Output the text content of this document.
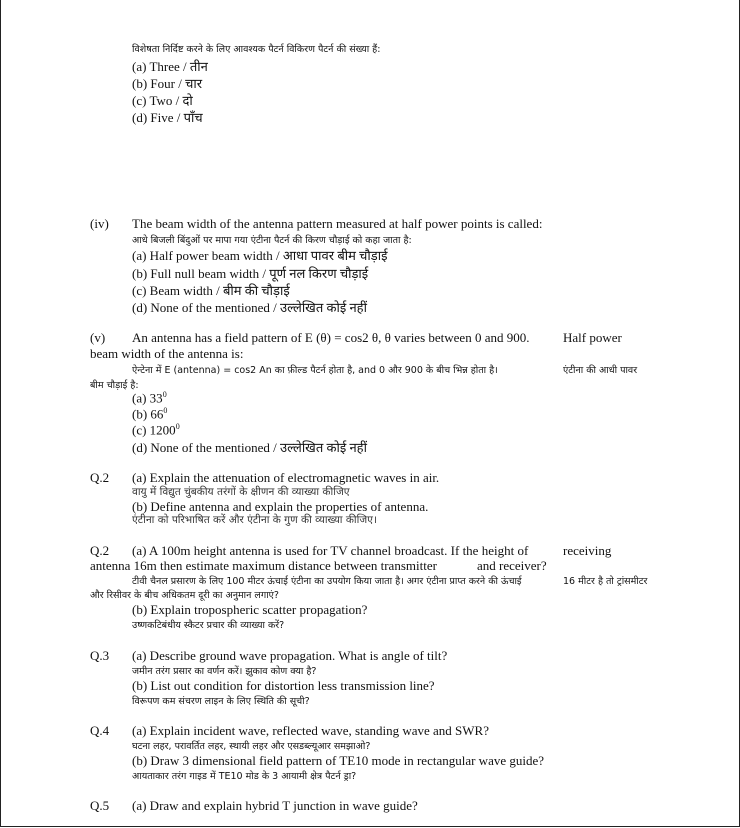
विशेषता निर्दिष्ट करने के लिए आवश्यक पैटर्न विकिरण पैटर्न की संख्या हैं:
(a) Three / तीन
(b) Four / चार
(c) Two / दो
(d) Five / पाँच
(iv) The beam width of the antenna pattern measured at half power points is called:
आधे बिजली बिंदुओं पर मापा गया एंटीना पैटर्न की किरण चौड़ाई को कहा जाता है:
(a) Half power beam width / आधा पावर बीम चौड़ाई
(b) Full null beam width / पूर्ण नल किरण चौड़ाई
(c) Beam width / बीम की चौड़ाई
(d) None of the mentioned / उल्लेखित कोई नहीं
(v) An antenna has a field pattern of E (θ) = cos2 θ, θ varies between 0 and 900.	Half power
beam width of the antenna is:
ऐन्टेना में E (antenna) = cos2 An का फ़ील्ड पैटर्न होता है, and 0 और 900 के बीच भिन्न होता है।	एंटीना की आधी पावर
बीम चौड़ाई है:
(a) $33^0$
(b) $66^0$
(c) 1200$^0$
(d) None of the mentioned / उल्लेखित कोई नहीं
Q.2 (a) Explain the attenuation of electromagnetic waves in air.
वायु में विद्युत चुंबकीय तरंगों के क्षीणन की व्याख्या कीजिए
(b) Define antenna and explain the properties of antenna.
एंटीना को परिभाषित करें और एंटीना के गुण की व्याख्या कीजिए।
Q.2 (a) A 100m height antenna is used for TV channel broadcast. If the height of	receiving
antenna 16m then estimate maximum distance between transmitter	and receiver?
टीवी चैनल प्रसारण के लिए 100 मीटर ऊंचाई एंटीना का उपयोग किया जाता है। अगर एंटीना प्राप्त करने की ऊंचाई	16 मीटर है तो ट्रांसमीटर
और रिसीवर के बीच अधिकतम दूरी का अनुमान लगाएं?
(b) Explain tropospheric scatter propagation?
उष्णकटिबंधीय स्कैटर प्रचार की व्याख्या करें?
Q.3 (a) Describe ground wave propagation. What is angle of tilt?
जमीन तरंग प्रसार का वर्णन करें। झुकाव कोण क्या है?
(b) List out condition for distortion less transmission line?
विरूपण कम संचरण लाइन के लिए स्थिति की सूची?
Q.4 (a) Explain incident wave, reflected wave, standing wave and SWR?
घटना लहर, परावर्तित लहर, स्थायी लहर और एसडब्ल्यूआर समझाओ?
(b) Draw 3 dimensional field pattern of TE10 mode in rectangular wave guide?
आयताकार तरंग गाइड में TE10 मोड के 3 आयामी क्षेत्र पैटर्न ड्रा?
Q.5 (a) Draw and explain hybrid T junction in wave guide?
